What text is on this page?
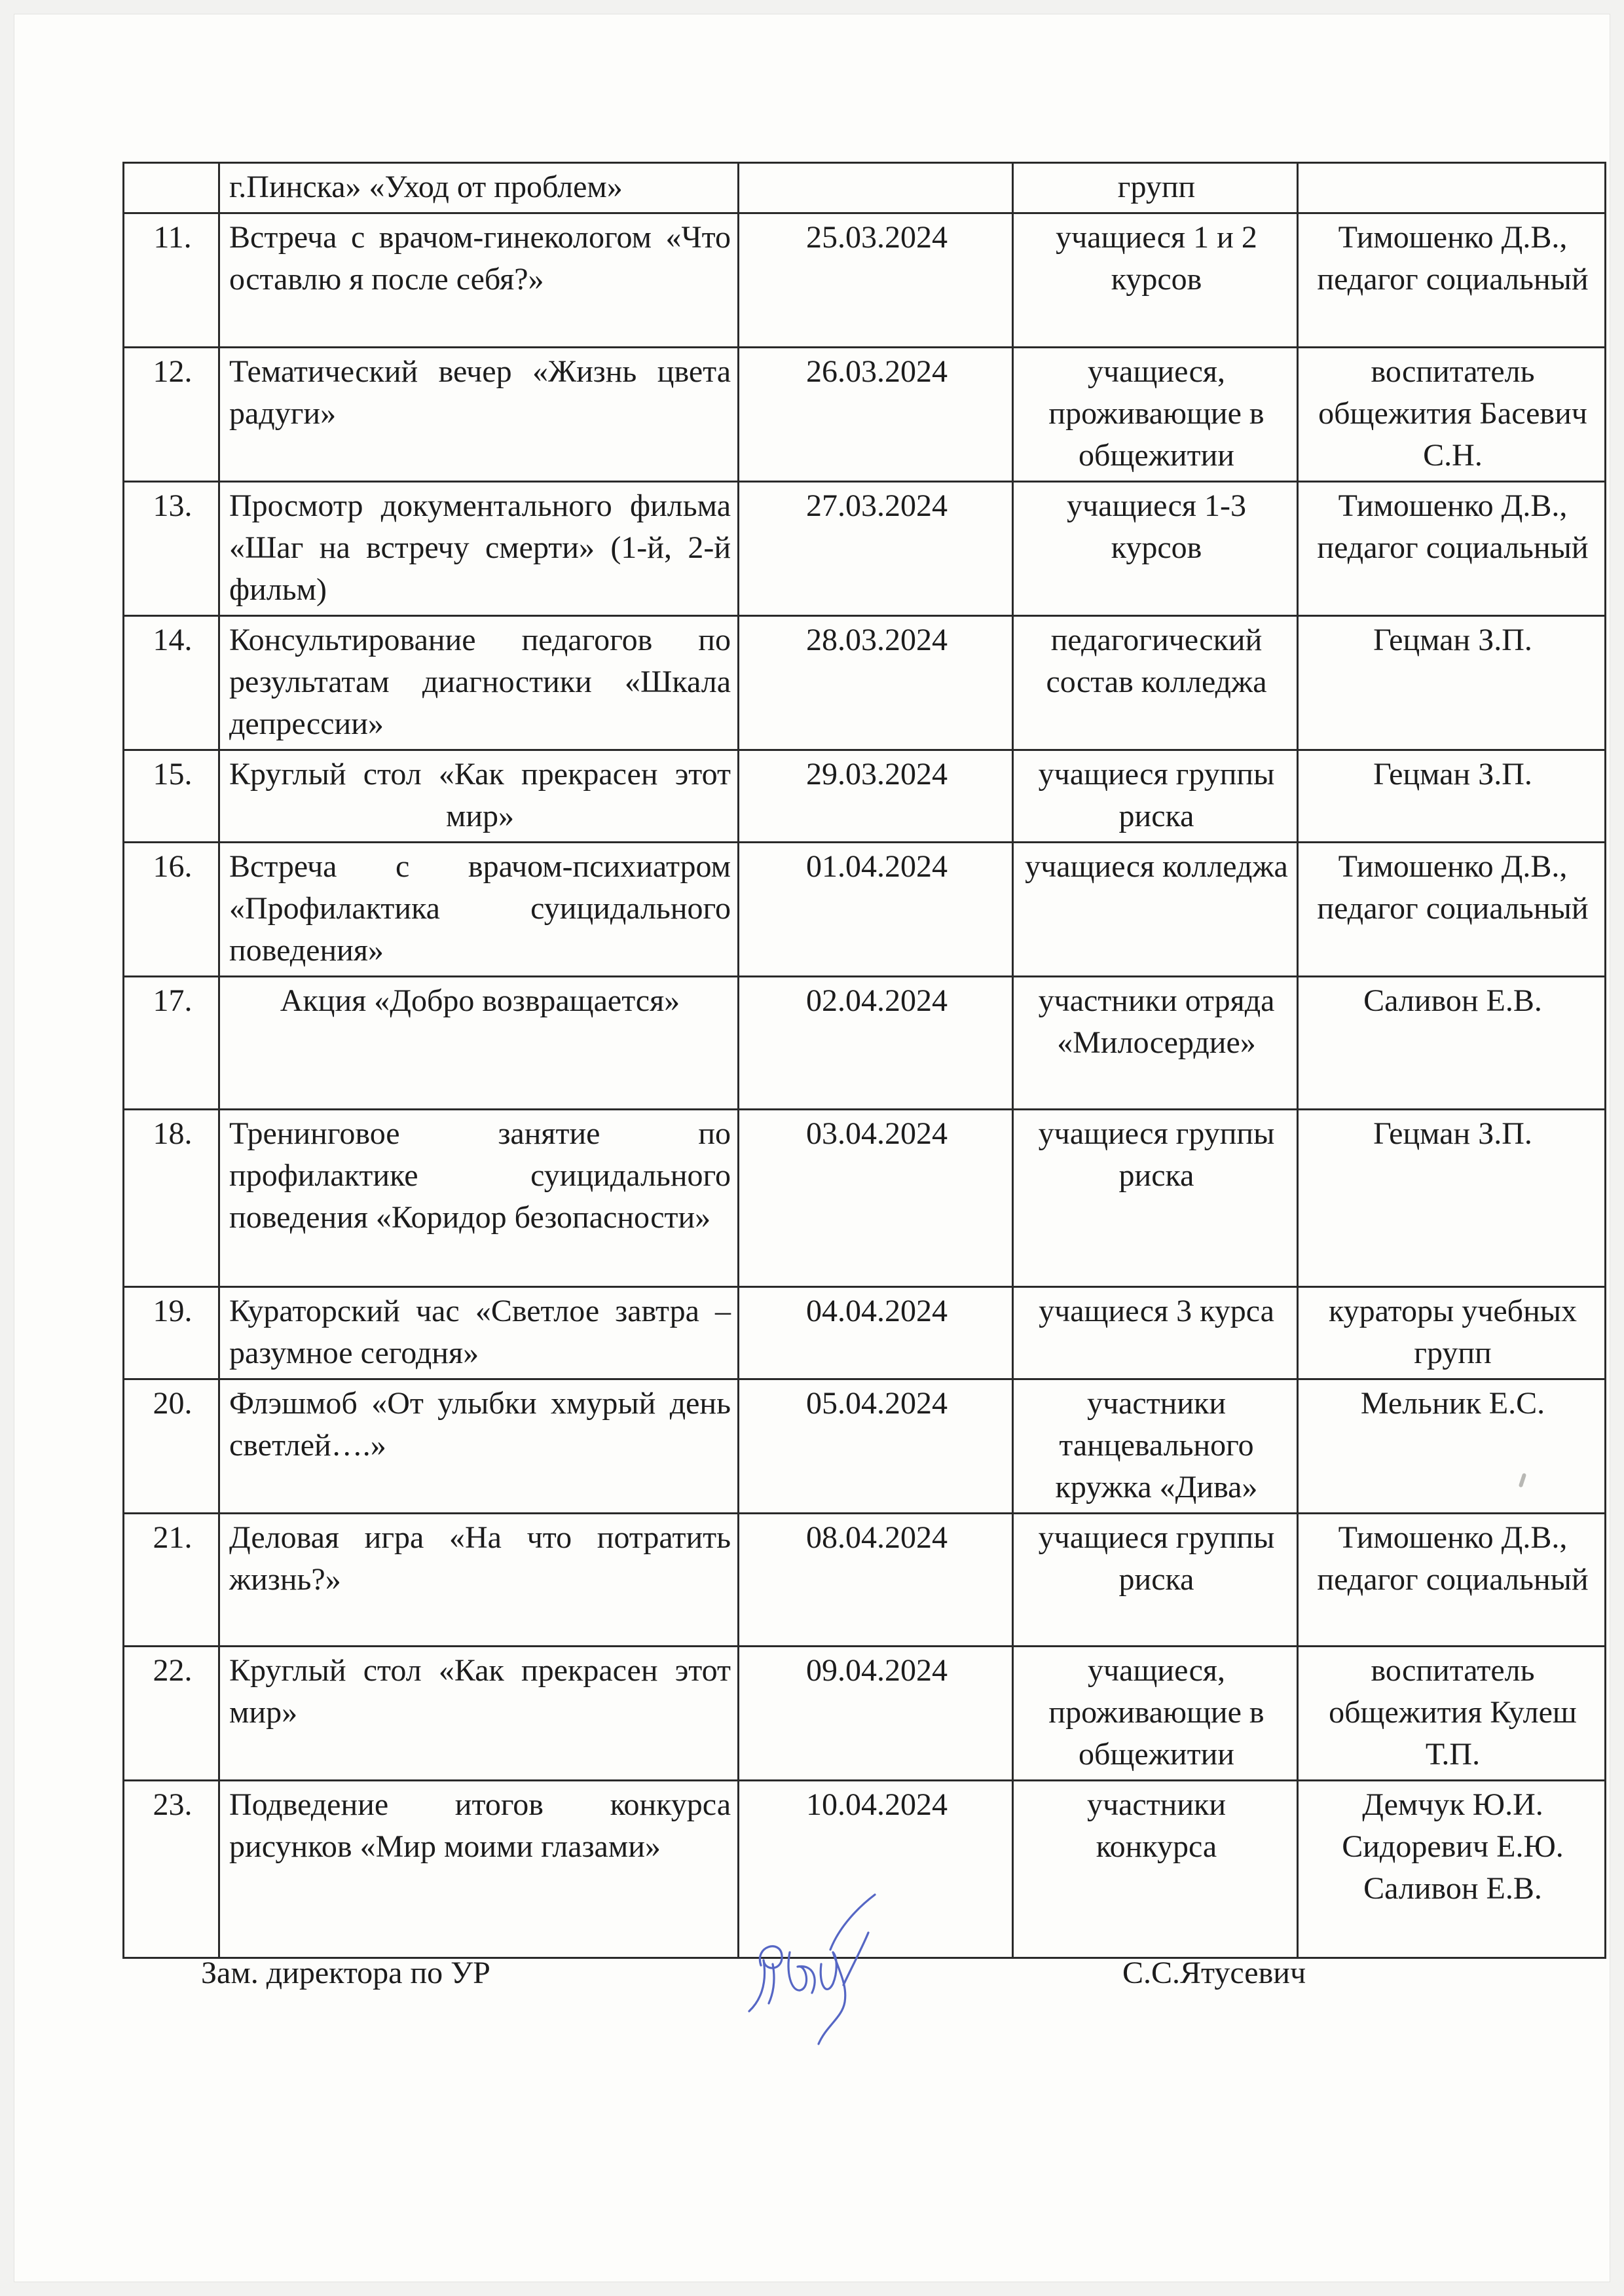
	г.Пинска» «Уход от проблем»		групп	
11.	Встреча с врачом-гинекологом «Что оставлю я после себя?»	25.03.2024	учащиеся 1 и 2 курсов	Тимошенко Д.В., педагог социальный
12.	Тематический вечер «Жизнь цвета радуги»	26.03.2024	учащиеся, проживающие в общежитии	воспитатель общежития Басевич С.Н.
13.	Просмотр документального фильма «Шаг на встречу смерти» (1-й, 2-й фильм)	27.03.2024	учащиеся 1-3 курсов	Тимошенко Д.В., педагог социальный
14.	Консультирование педагогов по результатам диагностики «Шкала депрессии»	28.03.2024	педагогический состав колледжа	Гецман З.П.
15.	Круглый стол «Как прекрасен этот мир»	29.03.2024	учащиеся группы риска	Гецман З.П.
16.	Встреча с врачом-психиатром «Профилактика суицидального поведения»	01.04.2024	учащиеся колледжа	Тимошенко Д.В., педагог социальный
17.	Акция «Добро возвращается»	02.04.2024	участники отряда «Милосердие»	Саливон Е.В.
18.	Тренинговое занятие по профилактике суицидального поведения «Коридор безопасности»	03.04.2024	учащиеся группы риска	Гецман З.П.
19.	Кураторский час «Светлое завтра – разумное сегодня»	04.04.2024	учащиеся 3 курса	кураторы учебных групп
20.	Флэшмоб «От улыбки хмурый день светлей….»	05.04.2024	участники танцевального кружка «Дива»	Мельник Е.С.
21.	Деловая игра «На что потратить жизнь?»	08.04.2024	учащиеся группы риска	Тимошенко Д.В., педагог социальный
22.	Круглый стол «Как прекрасен этот мир»	09.04.2024	учащиеся, проживающие в общежитии	воспитатель общежития Кулеш Т.П.
23.	Подведение итогов конкурса рисунков «Мир моими глазами»	10.04.2024	участники конкурса	Демчук Ю.И. Сидоревич Е.Ю. Саливон Е.В.
Зам. директора по УР	С.С.Ятусевич
